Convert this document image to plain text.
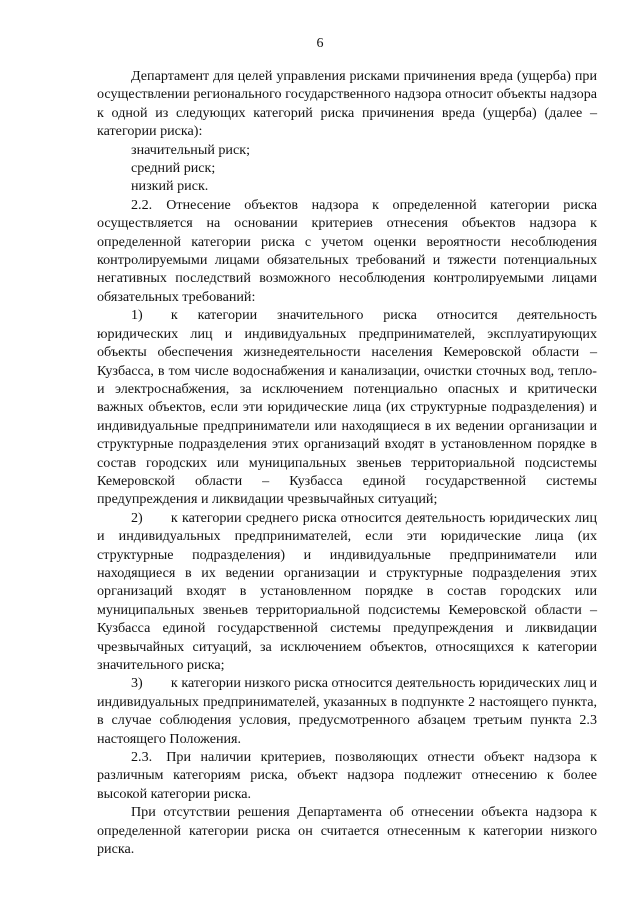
6

Департамент для целей управления рисками причинения вреда (ущерба) при осуществлении регионального государственного надзора относит объекты надзора к одной из следующих категорий риска причинения вреда (ущерба) (далее – категории риска):

значительный риск;

средний риск;

низкий риск.

2.2. Отнесение объектов надзора к определенной категории риска осуществляется на основании критериев отнесения объектов надзора к определенной категории риска с учетом оценки вероятности несоблюдения контролируемыми лицами обязательных требований и тяжести потенциальных негативных последствий возможного несоблюдения контролируемыми лицами обязательных требований:

1)  к категории значительного риска относится деятельность юридических лиц и индивидуальных предпринимателей, эксплуатирующих объекты обеспечения жизнедеятельности населения Кемеровской области – Кузбасса, в том числе водоснабжения и канализации, очистки сточных вод, тепло- и электроснабжения, за исключением потенциально опасных и критически важных объектов, если эти юридические лица (их структурные подразделения) и индивидуальные предприниматели или находящиеся в их ведении организации и структурные подразделения этих организаций входят в установленном порядке в состав городских или муниципальных звеньев территориальной подсистемы Кемеровской области – Кузбасса единой государственной системы предупреждения и ликвидации чрезвычайных ситуаций;

2)  к категории среднего риска относится деятельность юридических лиц и индивидуальных предпринимателей, если эти юридические лица (их структурные подразделения) и индивидуальные предприниматели или находящиеся в их ведении организации и структурные подразделения этих организаций входят в установленном порядке в состав городских или муниципальных звеньев территориальной подсистемы Кемеровской области – Кузбасса единой государственной системы предупреждения и ликвидации чрезвычайных ситуаций, за исключением объектов, относящихся к категории значительного риска;

3)  к категории низкого риска относится деятельность юридических лиц и индивидуальных предпринимателей, указанных в подпункте 2 настоящего пункта, в случае соблюдения условия, предусмотренного абзацем третьим пункта 2.3 настоящего Положения.

2.3. При наличии критериев, позволяющих отнести объект надзора к различным категориям риска, объект надзора подлежит отнесению к более высокой категории риска.

При отсутствии решения Департамента об отнесении объекта надзора к определенной категории риска он считается отнесенным к категории низкого риска.
